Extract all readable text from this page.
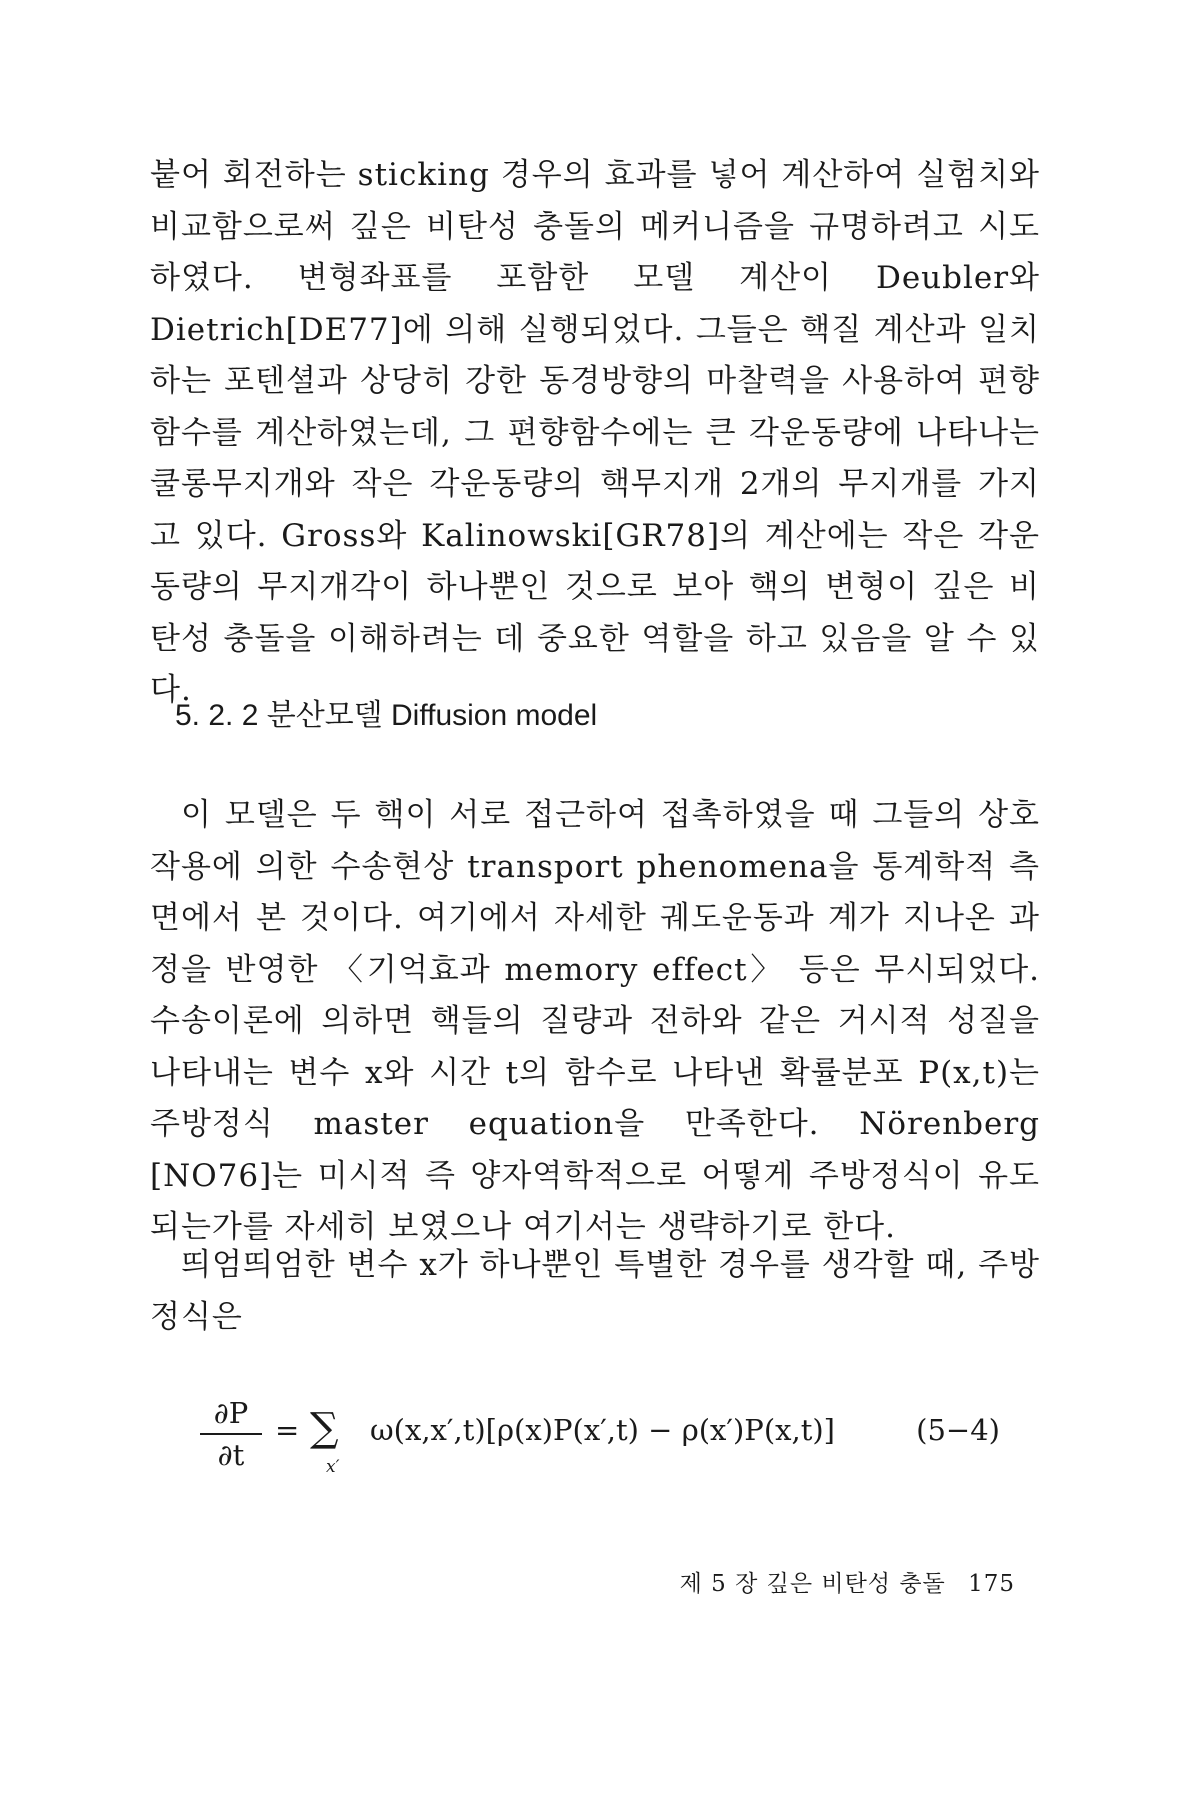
붙어 회전하는 sticking 경우의 효과를 넣어 계산하여 실험치와 비교함으로써 깊은 비탄성 충돌의 메커니즘을 규명하려고 시도하였다. 변형좌표를 포함한 모델 계산이 Deubler와 Dietrich[DE77]에 의해 실행되었다. 그들은 핵질 계산과 일치하는 포텐셜과 상당히 강한 동경방향의 마찰력을 사용하여 편향함수를 계산하였는데, 그 편향함수에는 큰 각운동량에 나타나는 쿨롱무지개와 작은 각운동량의 핵무지개 2개의 무지개를 가지고 있다. Gross와 Kalinowski[GR78]의 계산에는 작은 각운동량의 무지개각이 하나뿐인 것으로 보아 핵의 변형이 깊은 비탄성 충돌을 이해하려는 데 중요한 역할을 하고 있음을 알 수 있다.

5. 2. 2 분산모델 Diffusion model

이 모델은 두 핵이 서로 접근하여 접촉하였을 때 그들의 상호작용에 의한 수송현상 transport phenomena을 통계학적 측면에서 본 것이다. 여기에서 자세한 궤도운동과 계가 지나온 과정을 반영한 〈기억효과 memory effect〉 등은 무시되었다. 수송이론에 의하면 핵들의 질량과 전하와 같은 거시적 성질을 나타내는 변수 x와 시간 t의 함수로 나타낸 확률분포 P(x,t)는 주방정식 master equation을 만족한다. Nörenberg [NO76]는 미시적 즉 양자역학적으로 어떻게 주방정식이 유도되는가를 자세히 보였으나 여기서는 생략하기로 한다.

띄엄띄엄한 변수 x가 하나뿐인 특별한 경우를 생각할 때, 주방정식은

∂P
∂t
= ∑
x′
ω(x,x′,t)[ρ(x)P(x′,t) − ρ(x′)P(x,t)]	(5−4)
제 5 장 깊은 비탄성 충돌 175
